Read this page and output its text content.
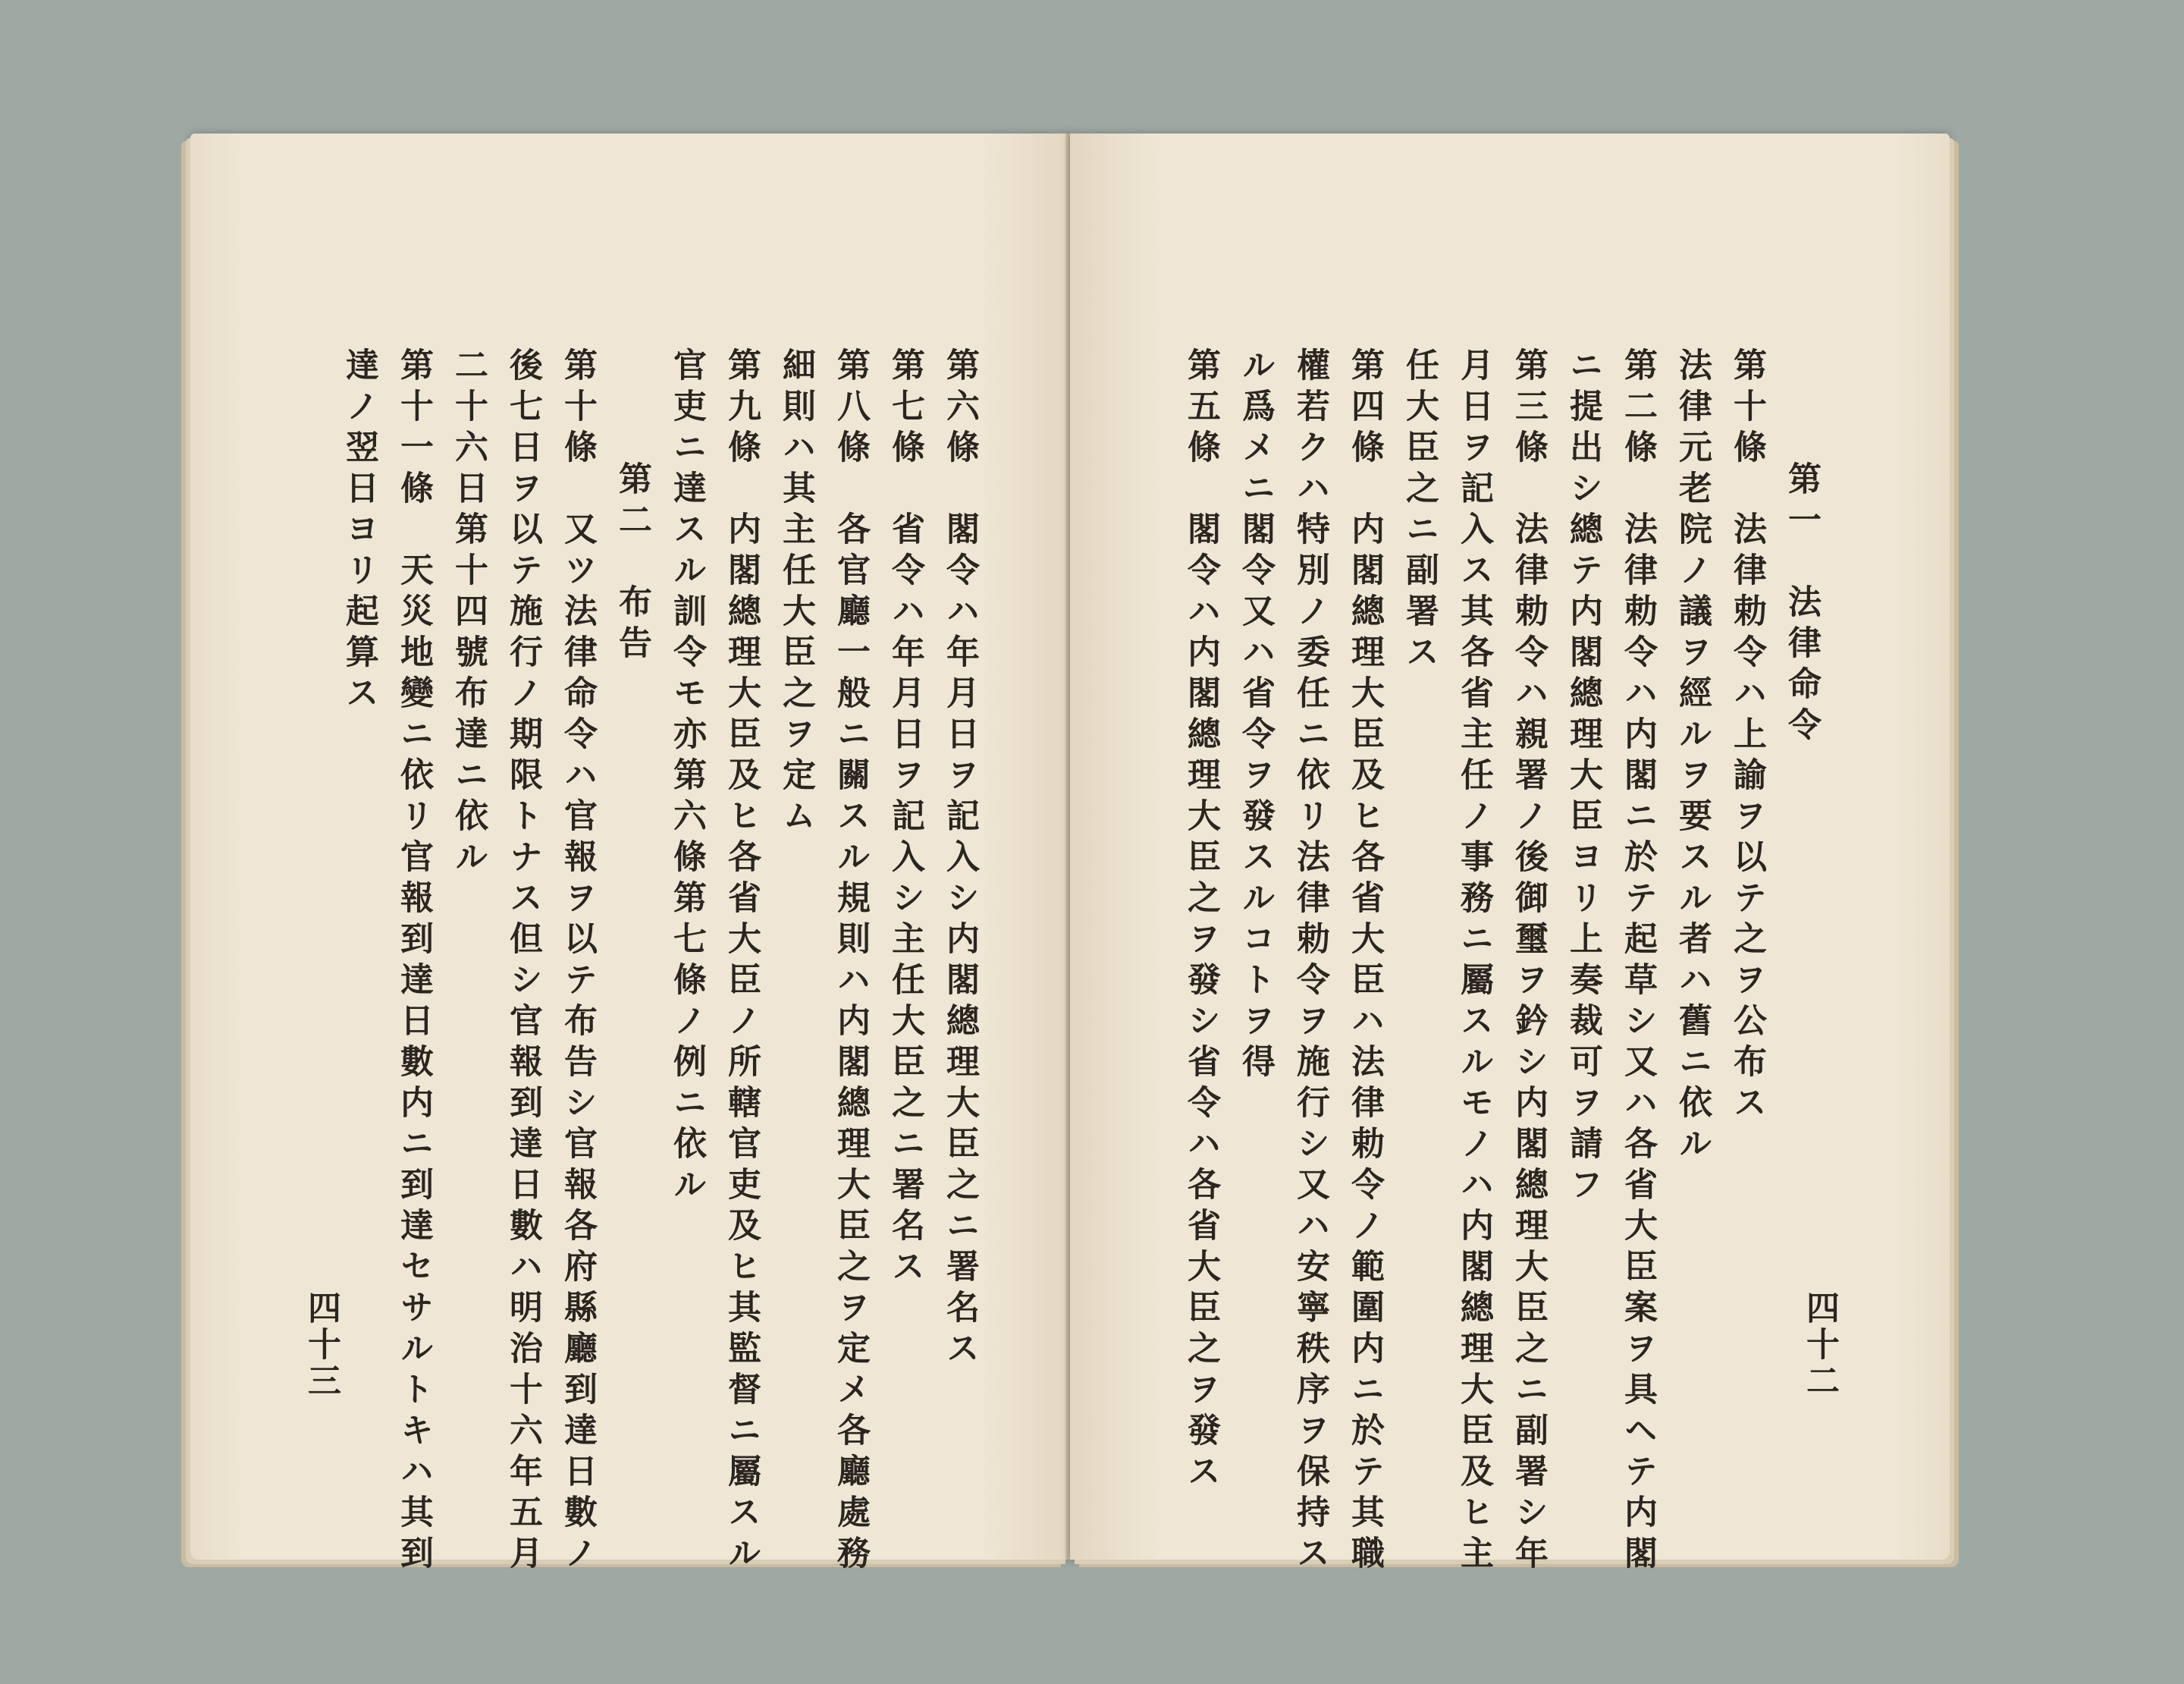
第六條　閣令ハ年月日ヲ記入シ内閣總理大臣之ニ署名ス
第七條　省令ハ年月日ヲ記入シ主任大臣之ニ署名ス
第八條　各官廳一般ニ關スル規則ハ内閣總理大臣之ヲ定メ各廳處務
細則ハ其主任大臣之ヲ定ム
第九條　内閣總理大臣及ヒ各省大臣ノ所轄官吏及ヒ其監督ニ屬スル
官吏ニ達スル訓令モ亦第六條第七條ノ例ニ依ル
第二　布告
第十條　又ツ法律命令ハ官報ヲ以テ布告シ官報各府縣廳到達日數ノ
後七日ヲ以テ施行ノ期限トナス但シ官報到達日數ハ明治十六年五月
二十六日第十四號布達ニ依ル
第十一條　天災地變ニ依リ官報到達日數内ニ到達セサルトキハ其到
達ノ翌日ヨリ起算ス
四十三
第一　法律命令
第十條　法律勅令ハ上諭ヲ以テ之ヲ公布ス
法律元老院ノ議ヲ經ルヲ要スル者ハ舊ニ依ル
第二條　法律勅令ハ内閣ニ於テ起草シ又ハ各省大臣案ヲ具ヘテ内閣
ニ提出シ總テ内閣總理大臣ヨリ上奏裁可ヲ請フ
第三條　法律勅令ハ親署ノ後御璽ヲ鈐シ内閣總理大臣之ニ副署シ年
月日ヲ記入ス其各省主任ノ事務ニ屬スルモノハ内閣總理大臣及ヒ主
任大臣之ニ副署ス
第四條　内閣總理大臣及ヒ各省大臣ハ法律勅令ノ範圍内ニ於テ其職
權若クハ特別ノ委任ニ依リ法律勅令ヲ施行シ又ハ安寧秩序ヲ保持ス
ル爲メニ閣令又ハ省令ヲ發スルコトヲ得
第五條　閣令ハ内閣總理大臣之ヲ發シ省令ハ各省大臣之ヲ發ス	四十二
